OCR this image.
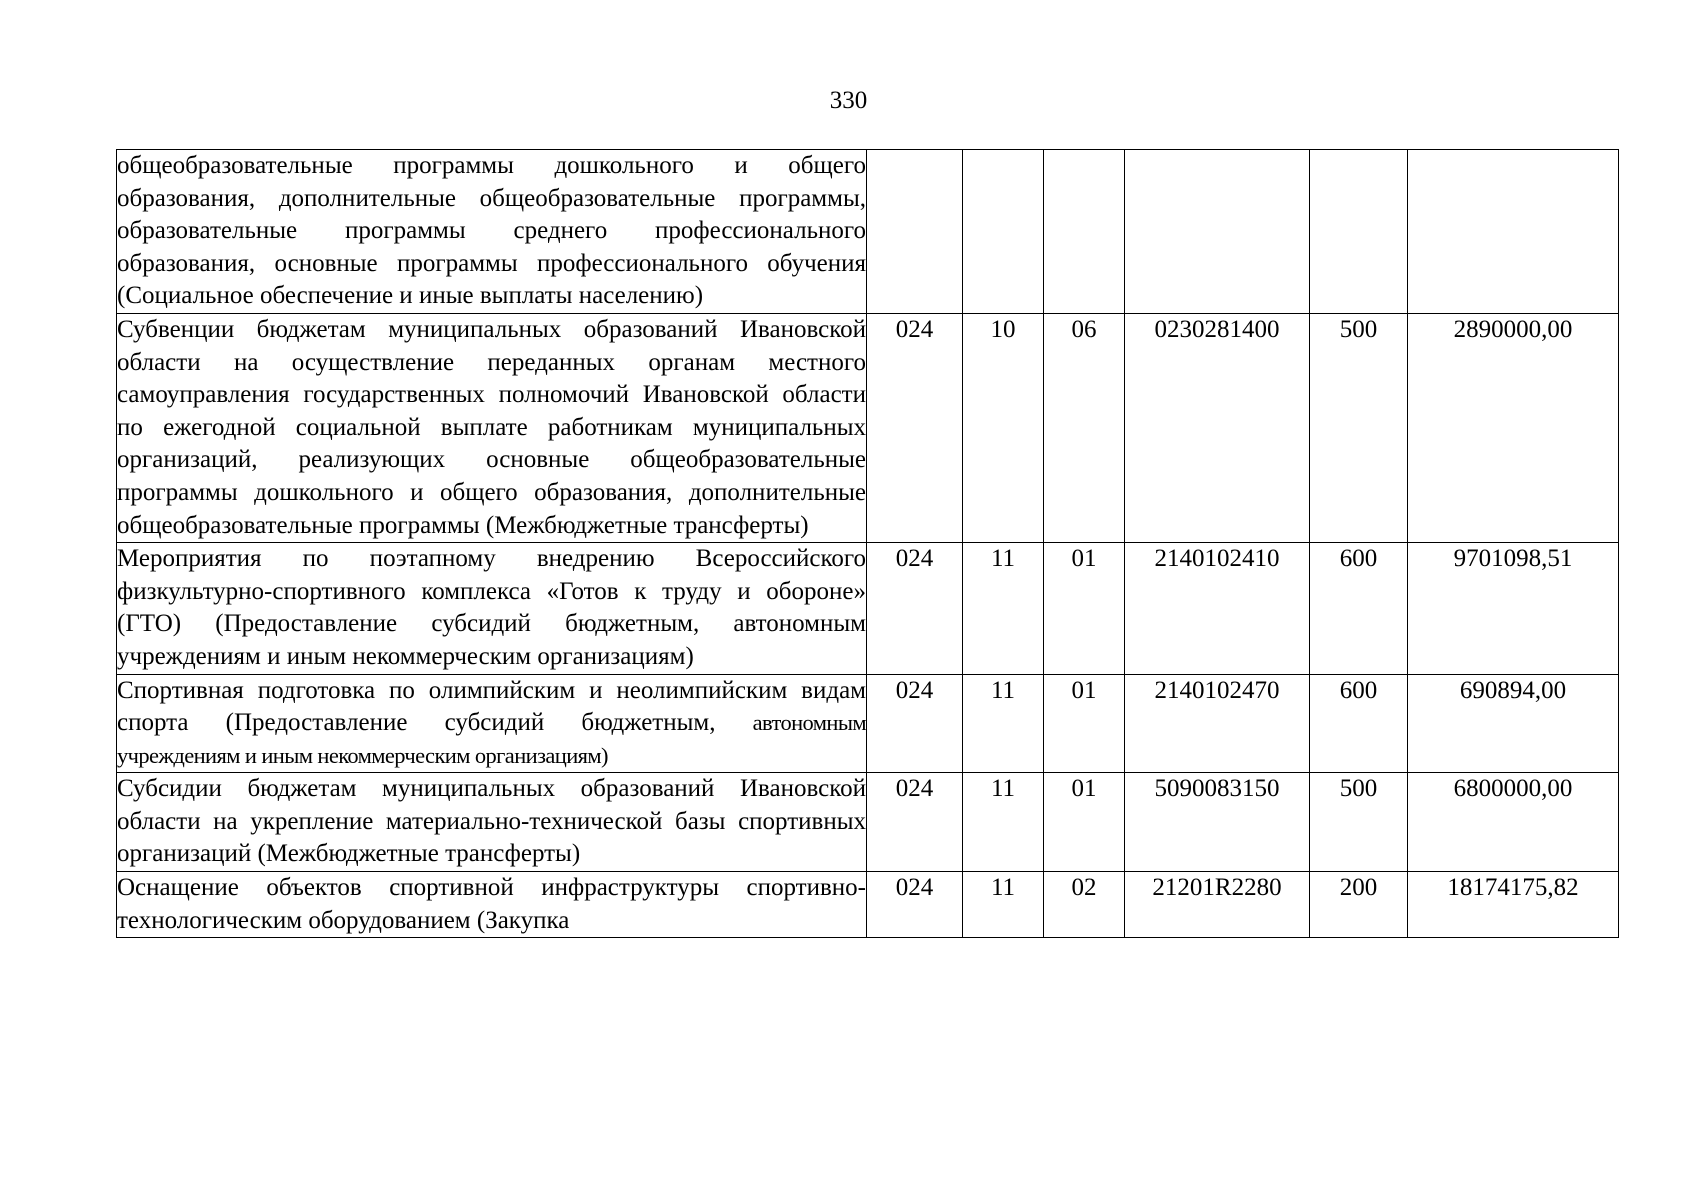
330
общеобразовательные программы дошкольного и общего образования, дополнительные общеобразовательные программы, образовательные программы среднего профессионального образования, основные программы профессионального обучения (Социальное обеспечение и иные выплаты населению)						
Субвенции бюджетам муниципальных образований Ивановской области на осуществление переданных органам местного самоуправления государственных полномочий Ивановской области по ежегодной социальной выплате работникам муниципальных организаций, реализующих основные общеобразовательные программы дошкольного и общего образования, дополнительные общеобразовательные программы (Межбюджетные трансферты)	024	10	06	0230281400	500	2890000,00
Мероприятия по поэтапному внедрению Всероссийского физкультурно-спортивного комплекса «Готов к труду и обороне» (ГТО) (Предоставление субсидий бюджетным, автономным учреждениям и иным некоммерческим организациям)	024	11	01	2140102410	600	9701098,51
Спортивная подготовка по олимпийским и неолимпийским видам спорта (Предоставление субсидий бюджетным, автономным учреждениям и иным некоммерческим организациям)	024	11	01	2140102470	600	690894,00
Субсидии бюджетам муниципальных образований Ивановской области на укрепление материально-технической базы спортивных организаций (Межбюджетные трансферты)	024	11	01	5090083150	500	6800000,00
Оснащение объектов спортивной инфраструктуры спортивно-технологическим оборудованием (Закупка	024	11	02	21201R2280	200	18174175,82
